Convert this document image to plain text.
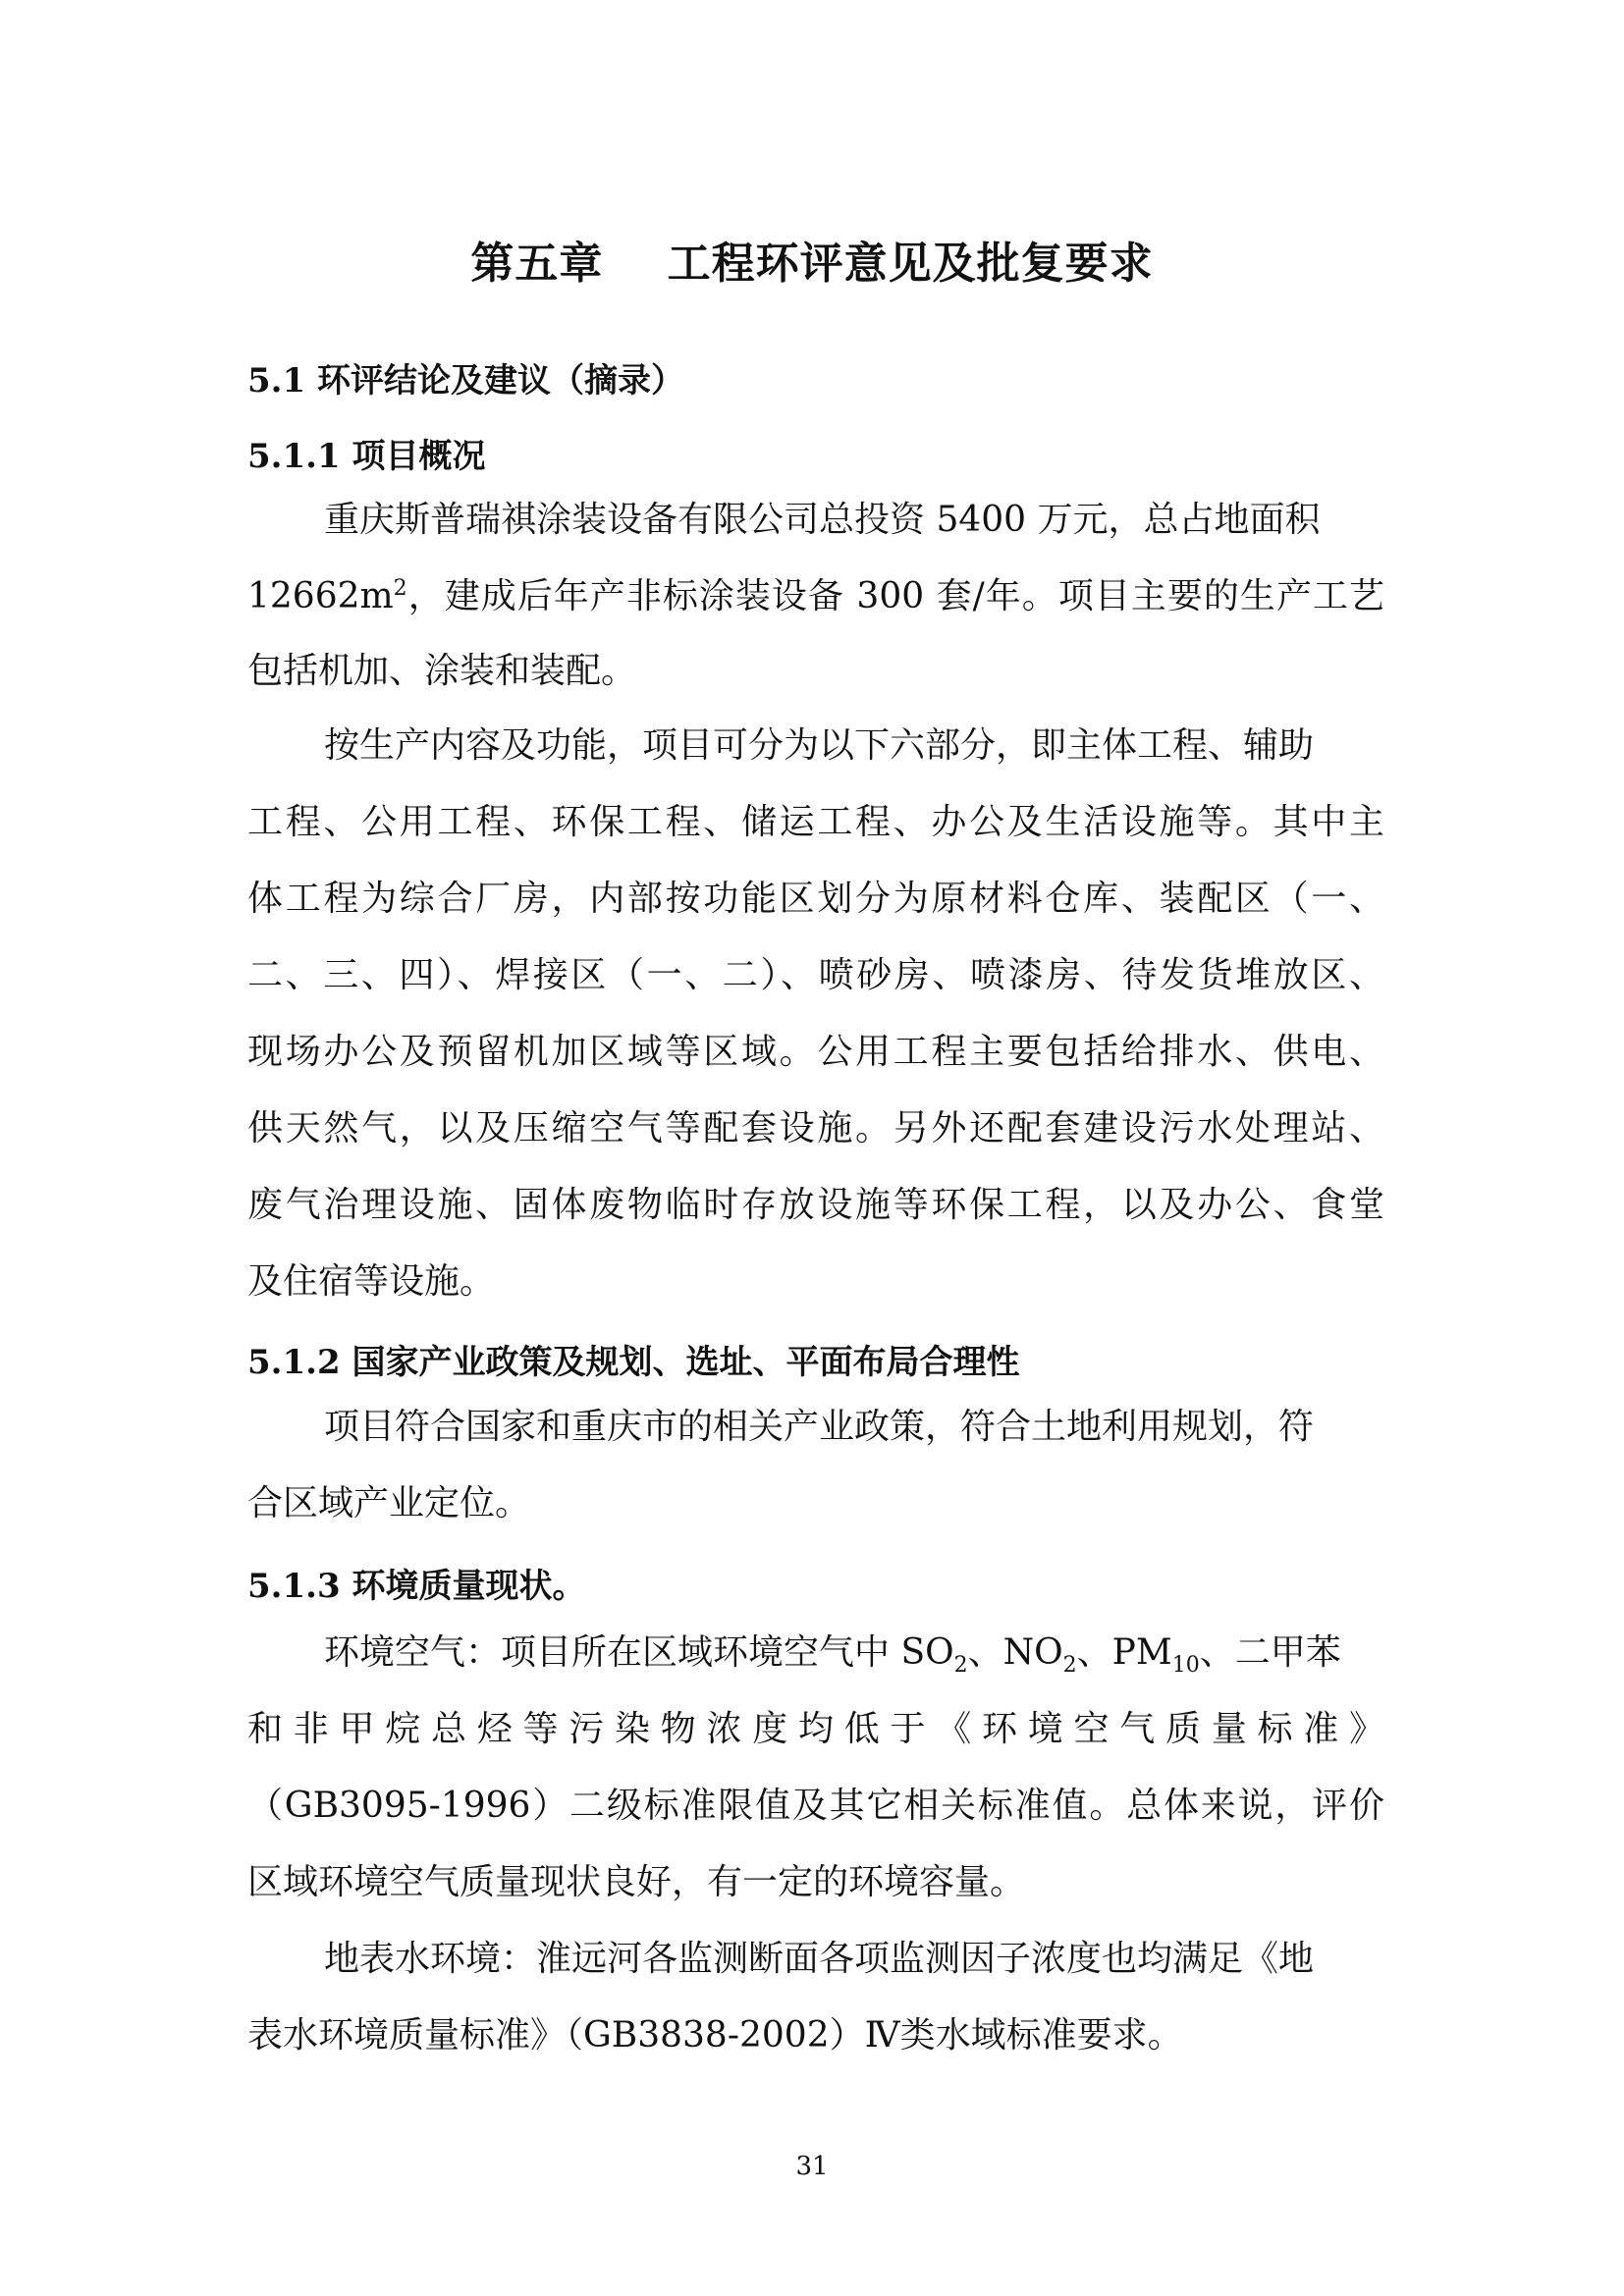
第五章    工程环评意见及批复要求
5.1 环评结论及建议（摘录）
5.1.1 项目概况
重庆斯普瑞祺涂装设备有限公司总投资 5400 万元，总占地面积
$12662m^2$，建成后年产非标涂装设备 300 套/年。项目主要的生产工艺
包括机加、涂装和装配。
按生产内容及功能，项目可分为以下六部分，即主体工程、辅助
工程、公用工程、环保工程、储运工程、办公及生活设施等。其中主
体工程为综合厂房，内部按功能区划分为原材料仓库、装配区（一、
二、三、四）、焊接区（一、二）、喷砂房、喷漆房、待发货堆放区、
现场办公及预留机加区域等区域。公用工程主要包括给排水、供电、
供天然气，以及压缩空气等配套设施。另外还配套建设污水处理站、
废气治理设施、固体废物临时存放设施等环保工程，以及办公、食堂
及住宿等设施。
5.1.2 国家产业政策及规划、选址、平面布局合理性
项目符合国家和重庆市的相关产业政策，符合土地利用规划，符
合区域产业定位。
5.1.3 环境质量现状。
环境空气：项目所在区域环境空气中 $SO_2$、$NO_2$、$PM_{10}$、二甲苯
和非甲烷总烃等污染物浓度均低于《环境空气质量标准》
（GB3095-1996）二级标准限值及其它相关标准值。总体来说，评价
区域环境空气质量现状良好，有一定的环境容量。
地表水环境：淮远河各监测断面各项监测因子浓度也均满足《地
表水环境质量标准》（GB3838-2002）Ⅳ类水域标准要求。
31
